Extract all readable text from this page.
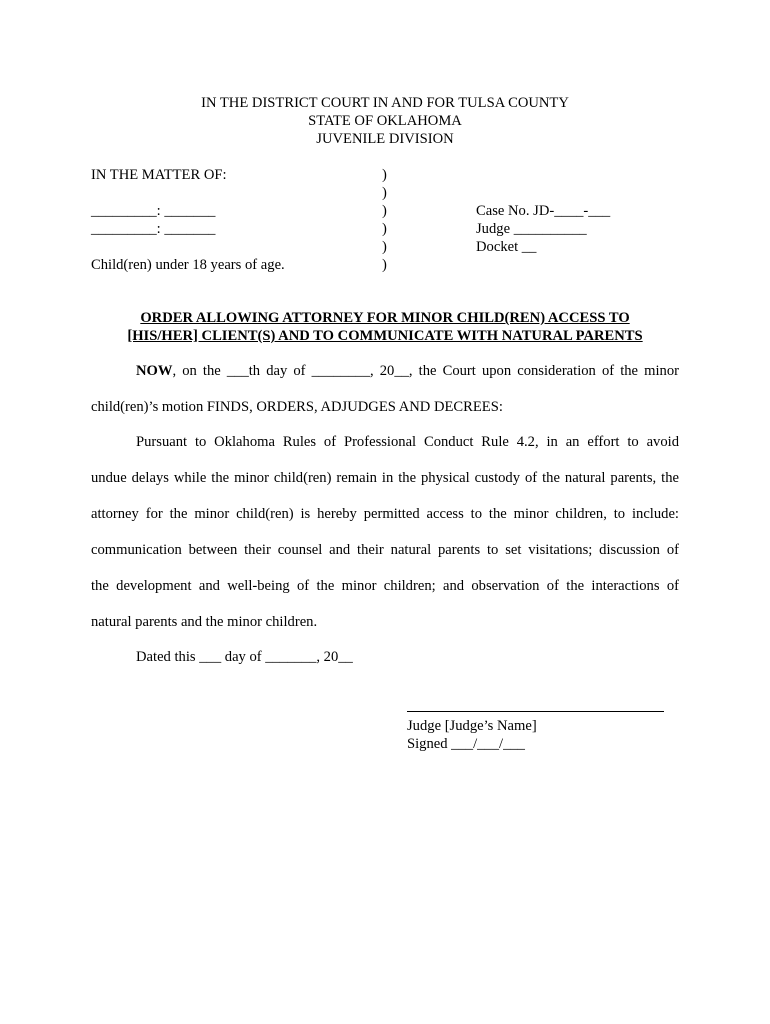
IN THE DISTRICT COURT IN AND FOR TULSA COUNTY
STATE OF OKLAHOMA
JUVENILE DIVISION
IN THE MATTER OF:
_________: _______
_________: _______
Child(ren) under 18 years of age.
)
)
)
)
)
)
Case No. JD-____-___
Judge __________
Docket __
ORDER ALLOWING ATTORNEY FOR MINOR CHILD(REN) ACCESS TO
[HIS/HER] CLIENT(S) AND TO COMMUNICATE WITH NATURAL PARENTS
NOW, on the ___th day of ________, 20__, the Court upon consideration of the minor
child(ren)’s motion FINDS, ORDERS, ADJUDGES AND DECREES:
Pursuant to Oklahoma Rules of Professional Conduct Rule 4.2, in an effort to avoid
undue delays while the minor child(ren) remain in the physical custody of the natural parents, the
attorney for the minor child(ren) is hereby permitted access to the minor children, to include:
communication between their counsel and their natural parents to set visitations; discussion of
the development and well-being of the minor children; and observation of the interactions of
natural parents and the minor children.
Dated this ___ day of _______, 20__
Judge [Judge’s Name]
Signed ___/___/___
